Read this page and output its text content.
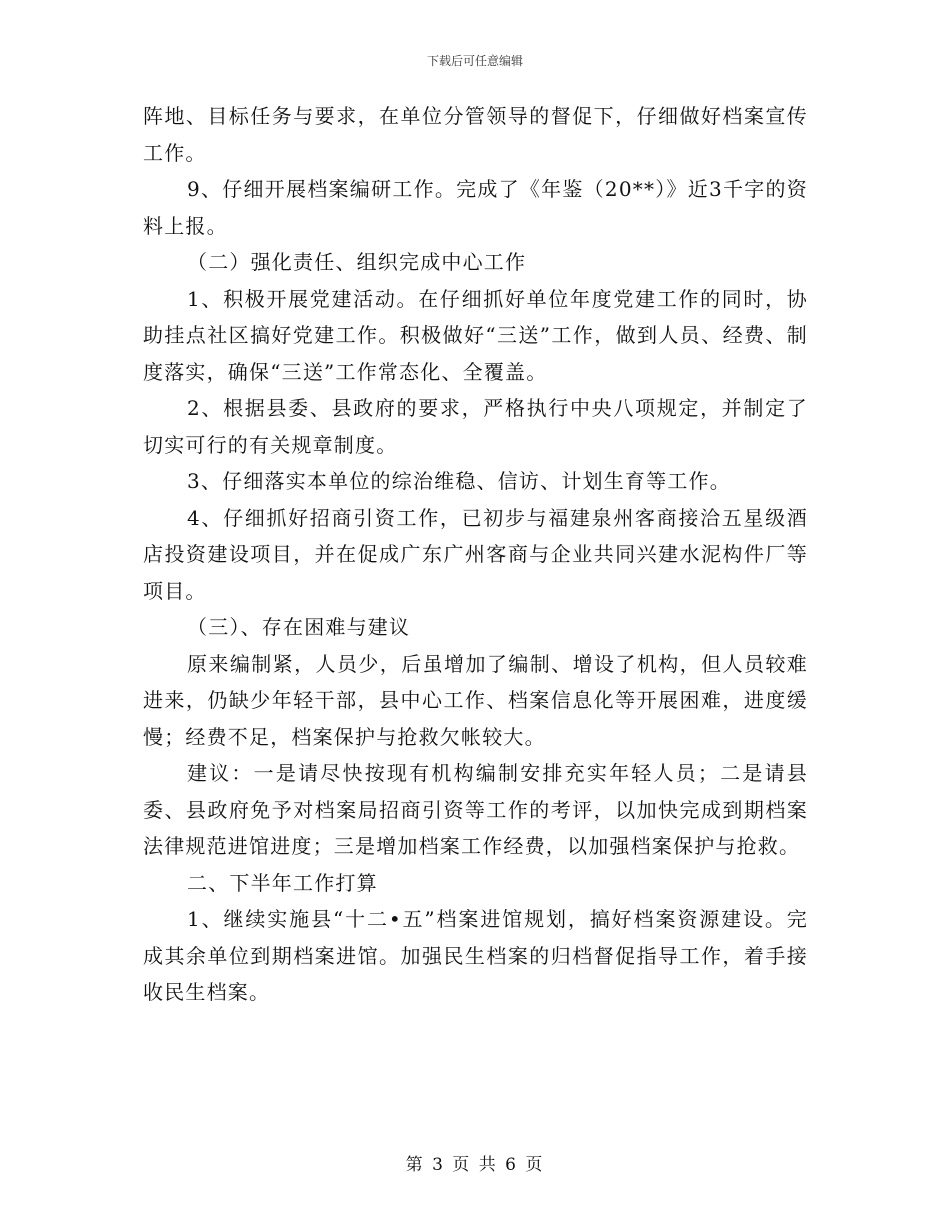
下载后可任意编辑

阵地、目标任务与要求，在单位分管领导的督促下，仔细做好档案宣传工作。

9、仔细开展档案编研工作。完成了《年鉴（20**）》近3千字的资料上报。

（二）强化责任、组织完成中心工作

1、积极开展党建活动。在仔细抓好单位年度党建工作的同时，协助挂点社区搞好党建工作。积极做好“三送”工作，做到人员、经费、制度落实，确保“三送”工作常态化、全覆盖。

2、根据县委、县政府的要求，严格执行中央八项规定，并制定了切实可行的有关规章制度。

3、仔细落实本单位的综治维稳、信访、计划生育等工作。

4、仔细抓好招商引资工作，已初步与福建泉州客商接洽五星级酒店投资建设项目，并在促成广东广州客商与企业共同兴建水泥构件厂等项目。

（三）、存在困难与建议

原来编制紧，人员少，后虽增加了编制、增设了机构，但人员较难进来，仍缺少年轻干部，县中心工作、档案信息化等开展困难，进度缓慢；经费不足，档案保护与抢救欠帐较大。

建议：一是请尽快按现有机构编制安排充实年轻人员；二是请县委、县政府免予对档案局招商引资等工作的考评，以加快完成到期档案法律规范进馆进度；三是增加档案工作经费，以加强档案保护与抢救。

二、下半年工作打算

1、继续实施县“十二•五”档案进馆规划，搞好档案资源建设。完成其余单位到期档案进馆。加强民生档案的归档督促指导工作，着手接收民生档案。

第 3 页 共 6 页
